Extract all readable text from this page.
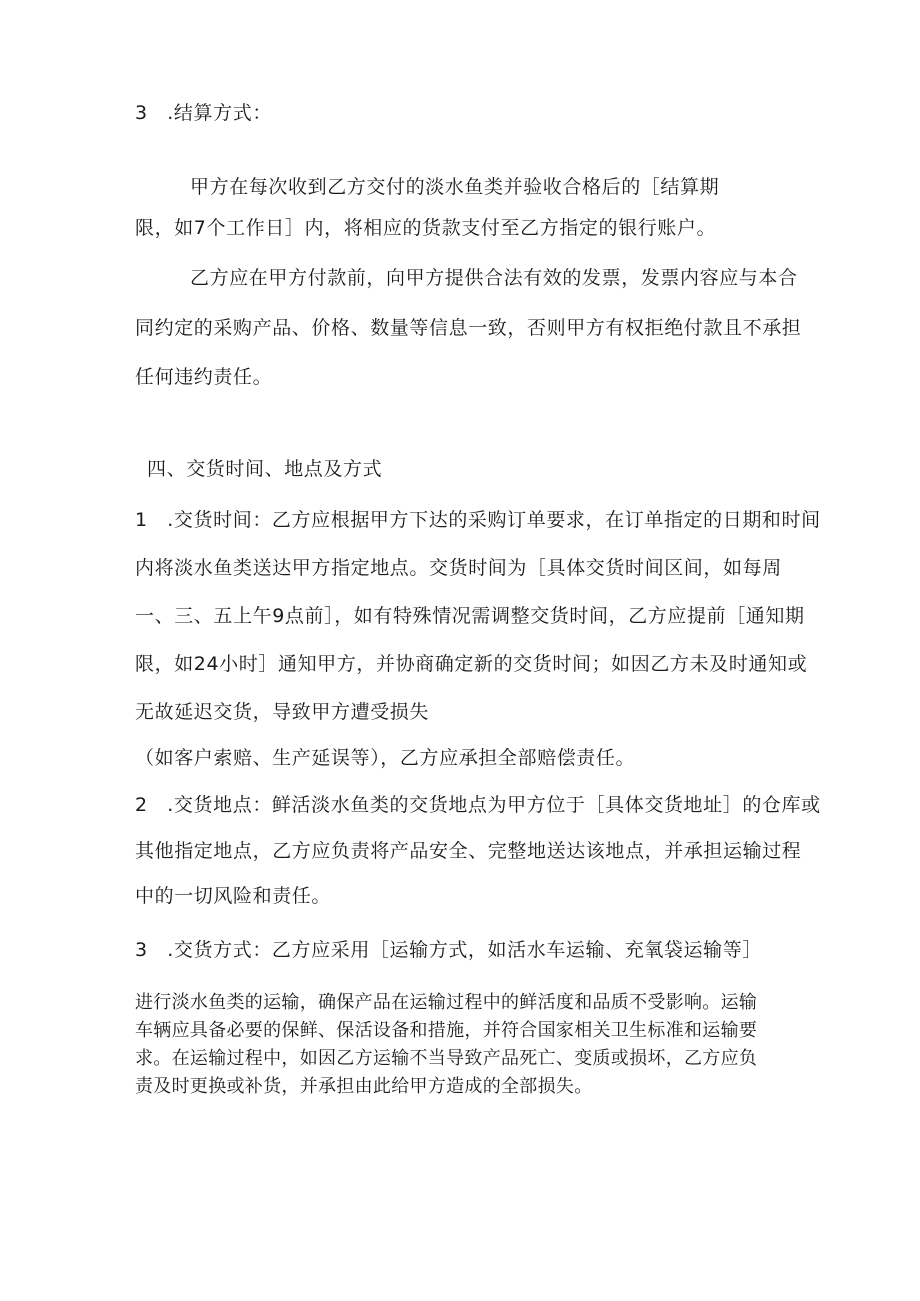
3　.结算方式：
甲方在每次收到乙方交付的淡水鱼类并验收合格后的［结算期
限，如7个工作日］内，将相应的货款支付至乙方指定的银行账户。
乙方应在甲方付款前，向甲方提供合法有效的发票，发票内容应与本合
同约定的采购产品、价格、数量等信息一致，否则甲方有权拒绝付款且不承担
任何违约责任。
四、交货时间、地点及方式
1　.交货时间：乙方应根据甲方下达的采购订单要求，在订单指定的日期和时间
内将淡水鱼类送达甲方指定地点。交货时间为［具体交货时间区间，如每周
一、三、五上午9点前］，如有特殊情况需调整交货时间，乙方应提前［通知期
限，如24小时］通知甲方，并协商确定新的交货时间；如因乙方未及时通知或
无故延迟交货，导致甲方遭受损失
（如客户索赔、生产延误等），乙方应承担全部赔偿责任。
2　.交货地点：鲜活淡水鱼类的交货地点为甲方位于［具体交货地址］的仓库或
其他指定地点，乙方应负责将产品安全、完整地送达该地点，并承担运输过程
中的一切风险和责任。
3　.交货方式：乙方应采用［运输方式，如活水车运输、充氧袋运输等］
进行淡水鱼类的运输，确保产品在运输过程中的鲜活度和品质不受影响。运输
车辆应具备必要的保鲜、保活设备和措施，并符合国家相关卫生标准和运输要
求。在运输过程中，如因乙方运输不当导致产品死亡、变质或损坏，乙方应负
责及时更换或补货，并承担由此给甲方造成的全部损失。
